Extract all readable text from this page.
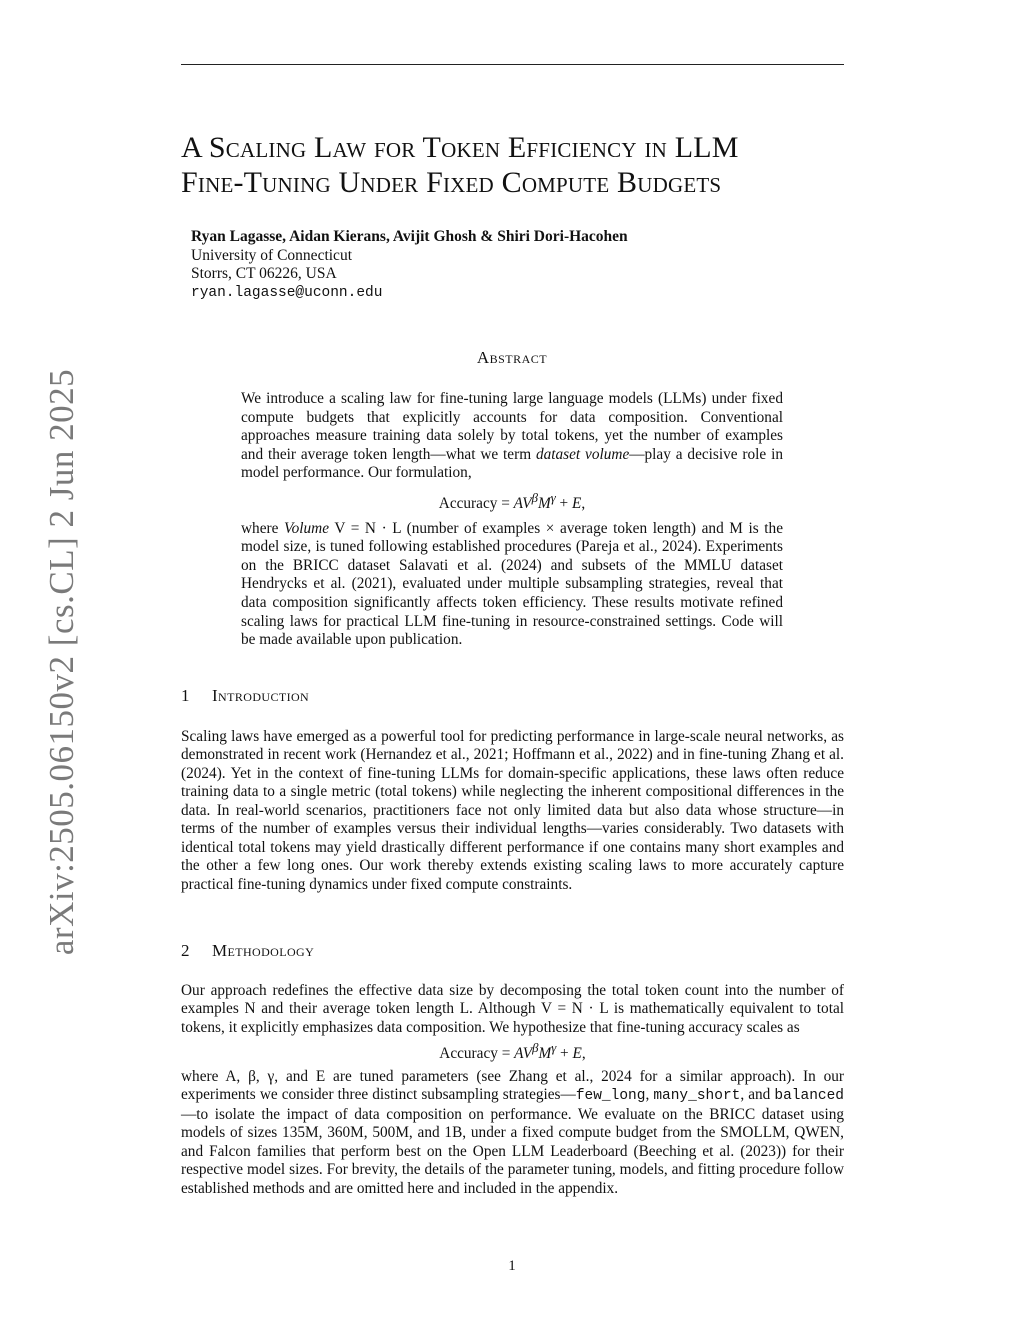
arXiv:2505.06150v2 [cs.CL] 2 Jun 2025
A Scaling Law for Token Efficiency in LLM
Fine-Tuning Under Fixed Compute Budgets
Ryan Lagasse, Aidan Kierans, Avijit Ghosh & Shiri Dori-Hacohen
University of Connecticut
Storrs, CT 06226, USA
ryan.lagasse@uconn.edu
Abstract

We introduce a scaling law for fine-tuning large language models (LLMs) under fixed compute budgets that explicitly accounts for data composition. Conventional approaches measure training data solely by total tokens, yet the number of examples and their average token length—what we term dataset volume—play a decisive role in model performance. Our formulation,

Accuracy = $AV^\beta M^\gamma + E$,

where Volume V = N · L (number of examples × average token length) and M is the model size, is tuned following established procedures (Pareja et al., 2024). Experiments on the BRICC dataset Salavati et al. (2024) and subsets of the MMLU dataset Hendrycks et al. (2021), evaluated under multiple subsampling strategies, reveal that data composition significantly affects token efficiency. These results motivate refined scaling laws for practical LLM fine-tuning in resource-constrained settings. Code will be made available upon publication.

1 Introduction

Scaling laws have emerged as a powerful tool for predicting performance in large-scale neural networks, as demonstrated in recent work (Hernandez et al., 2021; Hoffmann et al., 2022) and in fine-tuning Zhang et al. (2024). Yet in the context of fine-tuning LLMs for domain-specific applications, these laws often reduce training data to a single metric (total tokens) while neglecting the inherent compositional differences in the data. In real-world scenarios, practitioners face not only limited data but also data whose structure—in terms of the number of examples versus their individual lengths—varies considerably. Two datasets with identical total tokens may yield drastically different performance if one contains many short examples and the other a few long ones. Our work thereby extends existing scaling laws to more accurately capture practical fine-tuning dynamics under fixed compute constraints.

2 Methodology

Our approach redefines the effective data size by decomposing the total token count into the number of examples N and their average token length L. Although V = N · L is mathematically equivalent to total tokens, it explicitly emphasizes data composition. We hypothesize that fine-tuning accuracy scales as

Accuracy = $AV^\beta M^\gamma + E$,

where A, β, γ, and E are tuned parameters (see Zhang et al., 2024 for a similar approach). In our experiments we consider three distinct subsampling strategies—few_long, many_short, and balanced—to isolate the impact of data composition on performance. We evaluate on the BRICC dataset using models of sizes 135M, 360M, 500M, and 1B, under a fixed compute budget from the SMOLLM, QWEN, and Falcon families that perform best on the Open LLM Leaderboard (Beeching et al. (2023)) for their respective model sizes. For brevity, the details of the parameter tuning, models, and fitting procedure follow established methods and are omitted here and included in the appendix.

1
